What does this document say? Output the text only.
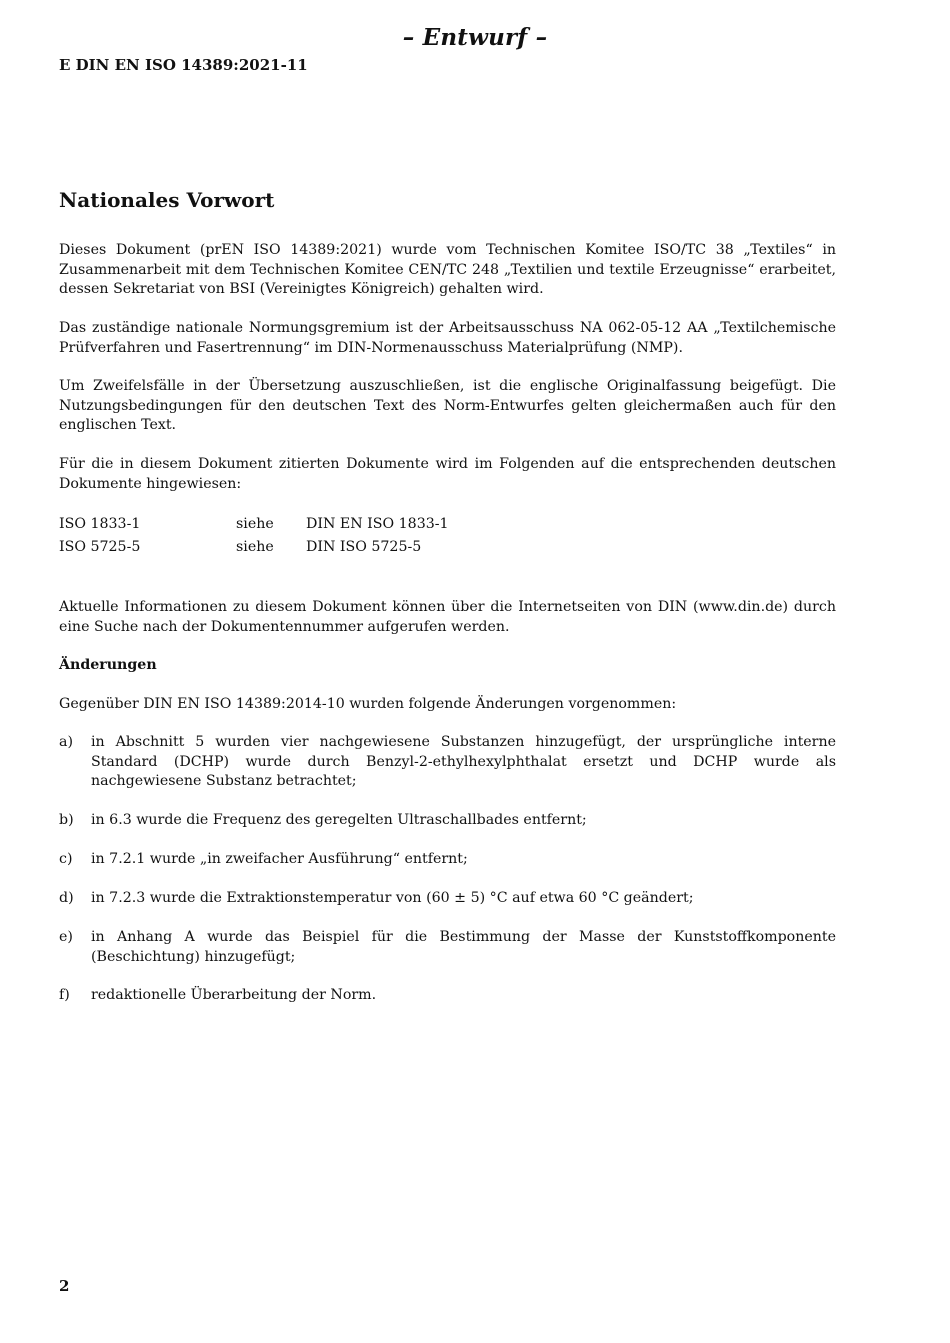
– Entwurf –
E DIN EN ISO 14389:2021-11
Nationales Vorwort

Dieses Dokument (prEN ISO 14389:2021) wurde vom Technischen Komitee ISO/TC 38 „Textiles“ in Zusammenarbeit mit dem Technischen Komitee CEN/TC 248 „Textilien und textile Erzeugnisse“ erarbeitet, dessen Sekretariat von BSI (Vereinigtes Königreich) gehalten wird.

Das zuständige nationale Normungsgremium ist der Arbeitsausschuss NA 062-05-12 AA „Textilchemische Prüfverfahren und Fasertrennung“ im DIN-Normenausschuss Materialprüfung (NMP).

Um Zweifelsfälle in der Übersetzung auszuschließen, ist die englische Originalfassung beigefügt. Die Nutzungsbedingungen für den deutschen Text des Norm-Entwurfes gelten gleichermaßen auch für den englischen Text.

Für die in diesem Dokument zitierten Dokumente wird im Folgenden auf die entsprechenden deutschen Dokumente hingewiesen:

ISO 1833-1	siehe DIN EN ISO 1833-1
ISO 5725-5	siehe DIN ISO 5725-5

Aktuelle Informationen zu diesem Dokument können über die Internetseiten von DIN (www.din.de) durch eine Suche nach der Dokumentennummer aufgerufen werden.

Änderungen

Gegenüber DIN EN ISO 14389:2014-10 wurden folgende Änderungen vorgenommen:

a) in Abschnitt 5 wurden vier nachgewiesene Substanzen hinzugefügt, der ursprüngliche interne Standard (DCHP) wurde durch Benzyl-2-ethylhexylphthalat ersetzt und DCHP wurde als nachgewiesene Substanz betrachtet;
b) in 6.3 wurde die Frequenz des geregelten Ultraschallbades entfernt;
c) in 7.2.1 wurde „in zweifacher Ausführung“ entfernt;
d) in 7.2.3 wurde die Extraktionstemperatur von (60 ± 5) °C auf etwa 60 °C geändert;
e) in Anhang A wurde das Beispiel für die Bestimmung der Masse der Kunststoffkomponente (Beschichtung) hinzugefügt;
f) redaktionelle Überarbeitung der Norm.
2
